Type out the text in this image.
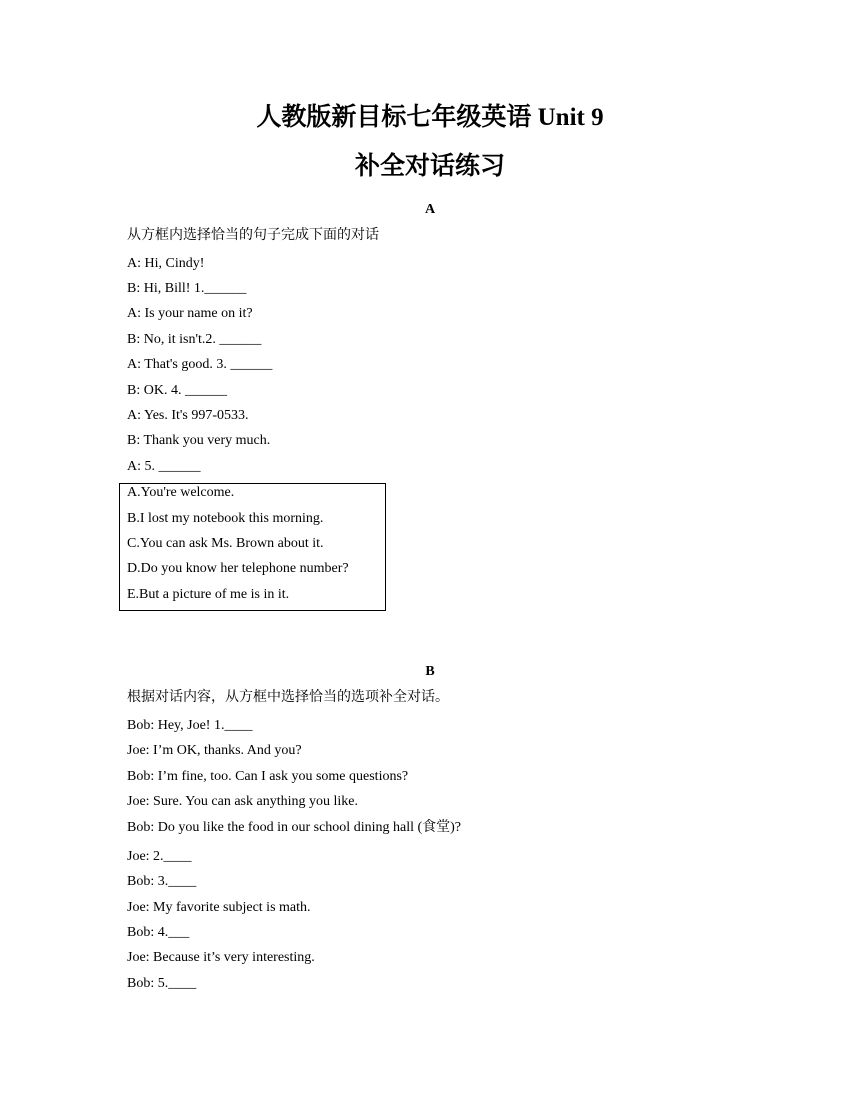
人教版新目标七年级英语 Unit 9
补全对话练习
A
从方框内选择恰当的句子完成下面的对话
A: Hi, Cindy!
B: Hi, Bill! 1.______
A: Is your name on it?
B: No, it isn't.2. ______
A: That's good. 3. ______
B: OK. 4. ______
A: Yes. It's 997-0533.
B: Thank you very much.
A: 5. ______
A.You're welcome.
B.I lost my notebook this morning.
C.You can ask Ms. Brown about it.
D.Do you know her telephone number?
E.But a picture of me is in it.
B
根据对话内容，从方框中选择恰当的选项补全对话。
Bob: Hey, Joe! 1.____
Joe: I’m OK, thanks. And you?
Bob: I’m fine, too. Can I ask you some questions?
Joe: Sure. You can ask anything you like.
Bob: Do you like the food in our school dining hall (食堂)?
Joe: 2.____
Bob: 3.____
Joe: My favorite subject is math.
Bob: 4.___
Joe: Because it’s very interesting.
Bob: 5.____
